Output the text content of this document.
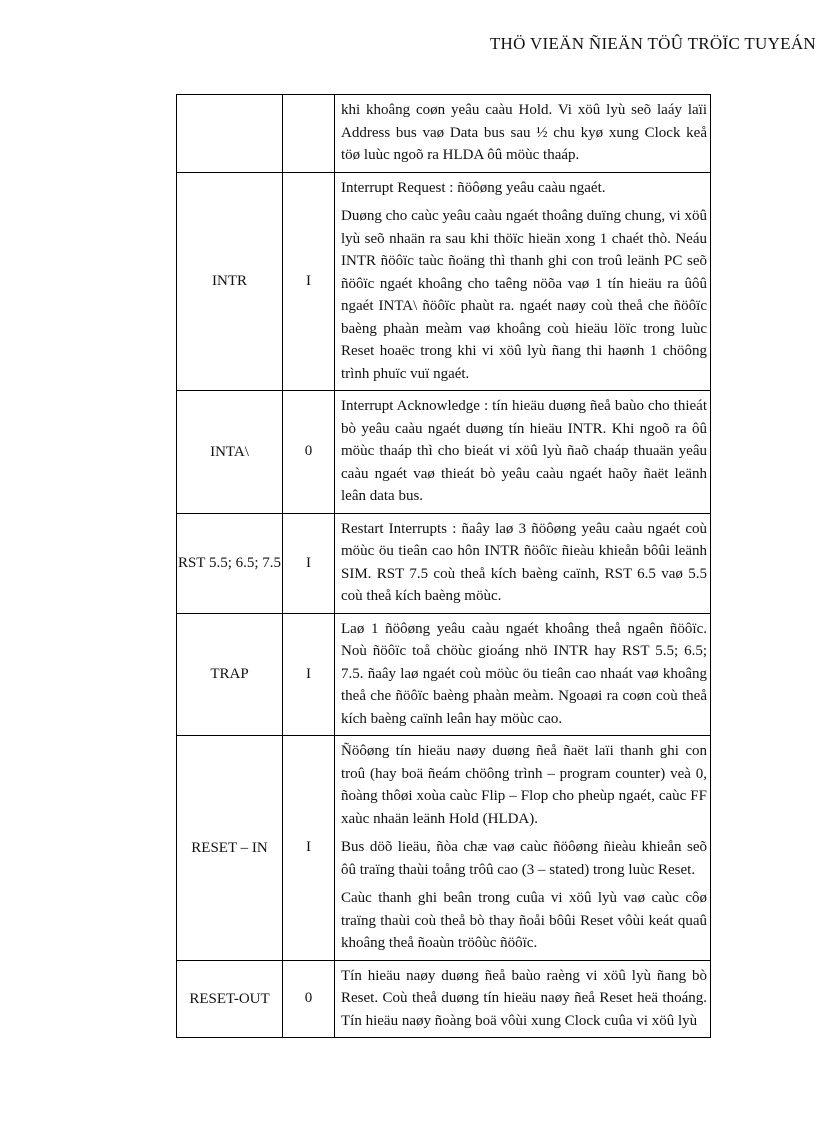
THÖ VIEÄN ÑIEÄN TÖÛ TRÖÏC TUYEÁN

		khi khoâng coøn yeâu caàu Hold. Vi xöû lyù seõ laáy laïi Address bus vaø Data bus sau ½ chu kyø xung Clock keå töø luùc ngoõ ra HLDA ôû möùc thaáp.

INTR	I	Interrupt Request : ñöôøng yeâu caàu ngaét.

Duøng cho caùc yeâu caàu ngaét thoâng duïng chung, vi xöû lyù seõ nhaän ra sau khi thöïc hieän xong 1 chaét thò. Neáu INTR ñöôïc taùc ñoäng thì thanh ghi con troû leänh PC seõ ñöôïc ngaét khoâng cho taêng nöõa vaø 1 tín hieäu ra ûôû ngaét INTA\ ñöôïc phaùt ra. ngaét naøy coù theå che ñöôïc baèng phaàn meàm vaø khoâng coù hieäu löïc trong luùc Reset hoaëc trong khi vi xöû lyù ñang thi haønh 1 chöông trình phuïc vuï ngaét.

INTA\	0	Interrupt Acknowledge : tín hieäu duøng ñeå baùo cho thieát bò yeâu caàu ngaét duøng tín hieäu INTR. Khi ngoõ ra ôû möùc thaáp thì cho bieát vi xöû lyù ñaõ chaáp thuaän yeâu caàu ngaét vaø thieát bò yeâu caàu ngaét haõy ñaët leänh leân data bus.

RST 5.5; 6.5; 7.5	I	Restart Interrupts : ñaây laø 3 ñöôøng yeâu caàu ngaét coù möùc öu tieân cao hôn INTR ñöôïc ñieàu khieån bôûi leänh SIM. RST 7.5 coù theå kích baèng caïnh, RST 6.5 vaø 5.5 coù theå kích baèng möùc.

TRAP	I	Laø 1 ñöôøng yeâu caàu ngaét khoâng theå ngaên ñöôïc. Noù ñöôïc toå chöùc gioáng nhö INTR hay RST 5.5; 6.5; 7.5. ñaây laø ngaét coù möùc öu tieân cao nhaát vaø khoâng theå che ñöôïc baèng phaàn meàm. Ngoaøi ra coøn coù theå kích baèng caïnh leân hay möùc cao.

RESET – IN	I	Ñöôøng tín hieäu naøy duøng ñeå ñaët laïi thanh ghi con troû (hay boä ñeám chöông trình – program counter) veà 0, ñoàng thôøi xoùa caùc Flip – Flop cho pheùp ngaét, caùc FF xaùc nhaän leänh Hold (HLDA).

Bus döõ lieäu, ñòa chæ vaø caùc ñöôøng ñieàu khieån seõ ôû traïng thaùi toång trôû cao (3 – stated) trong luùc Reset.

Caùc thanh ghi beân trong cuûa vi xöû lyù vaø caùc côø traïng thaùi coù theå bò thay ñoåi bôûi Reset vôùi keát quaû khoâng theå ñoaùn tröôùc ñöôïc.

RESET-OUT	0	Tín hieäu naøy duøng ñeå baùo raèng vi xöû lyù ñang bò Reset. Coù theå duøng tín hieäu naøy ñeå Reset heä thoáng. Tín hieäu naøy ñoàng boä vôùi xung Clock cuûa vi xöû lyù
